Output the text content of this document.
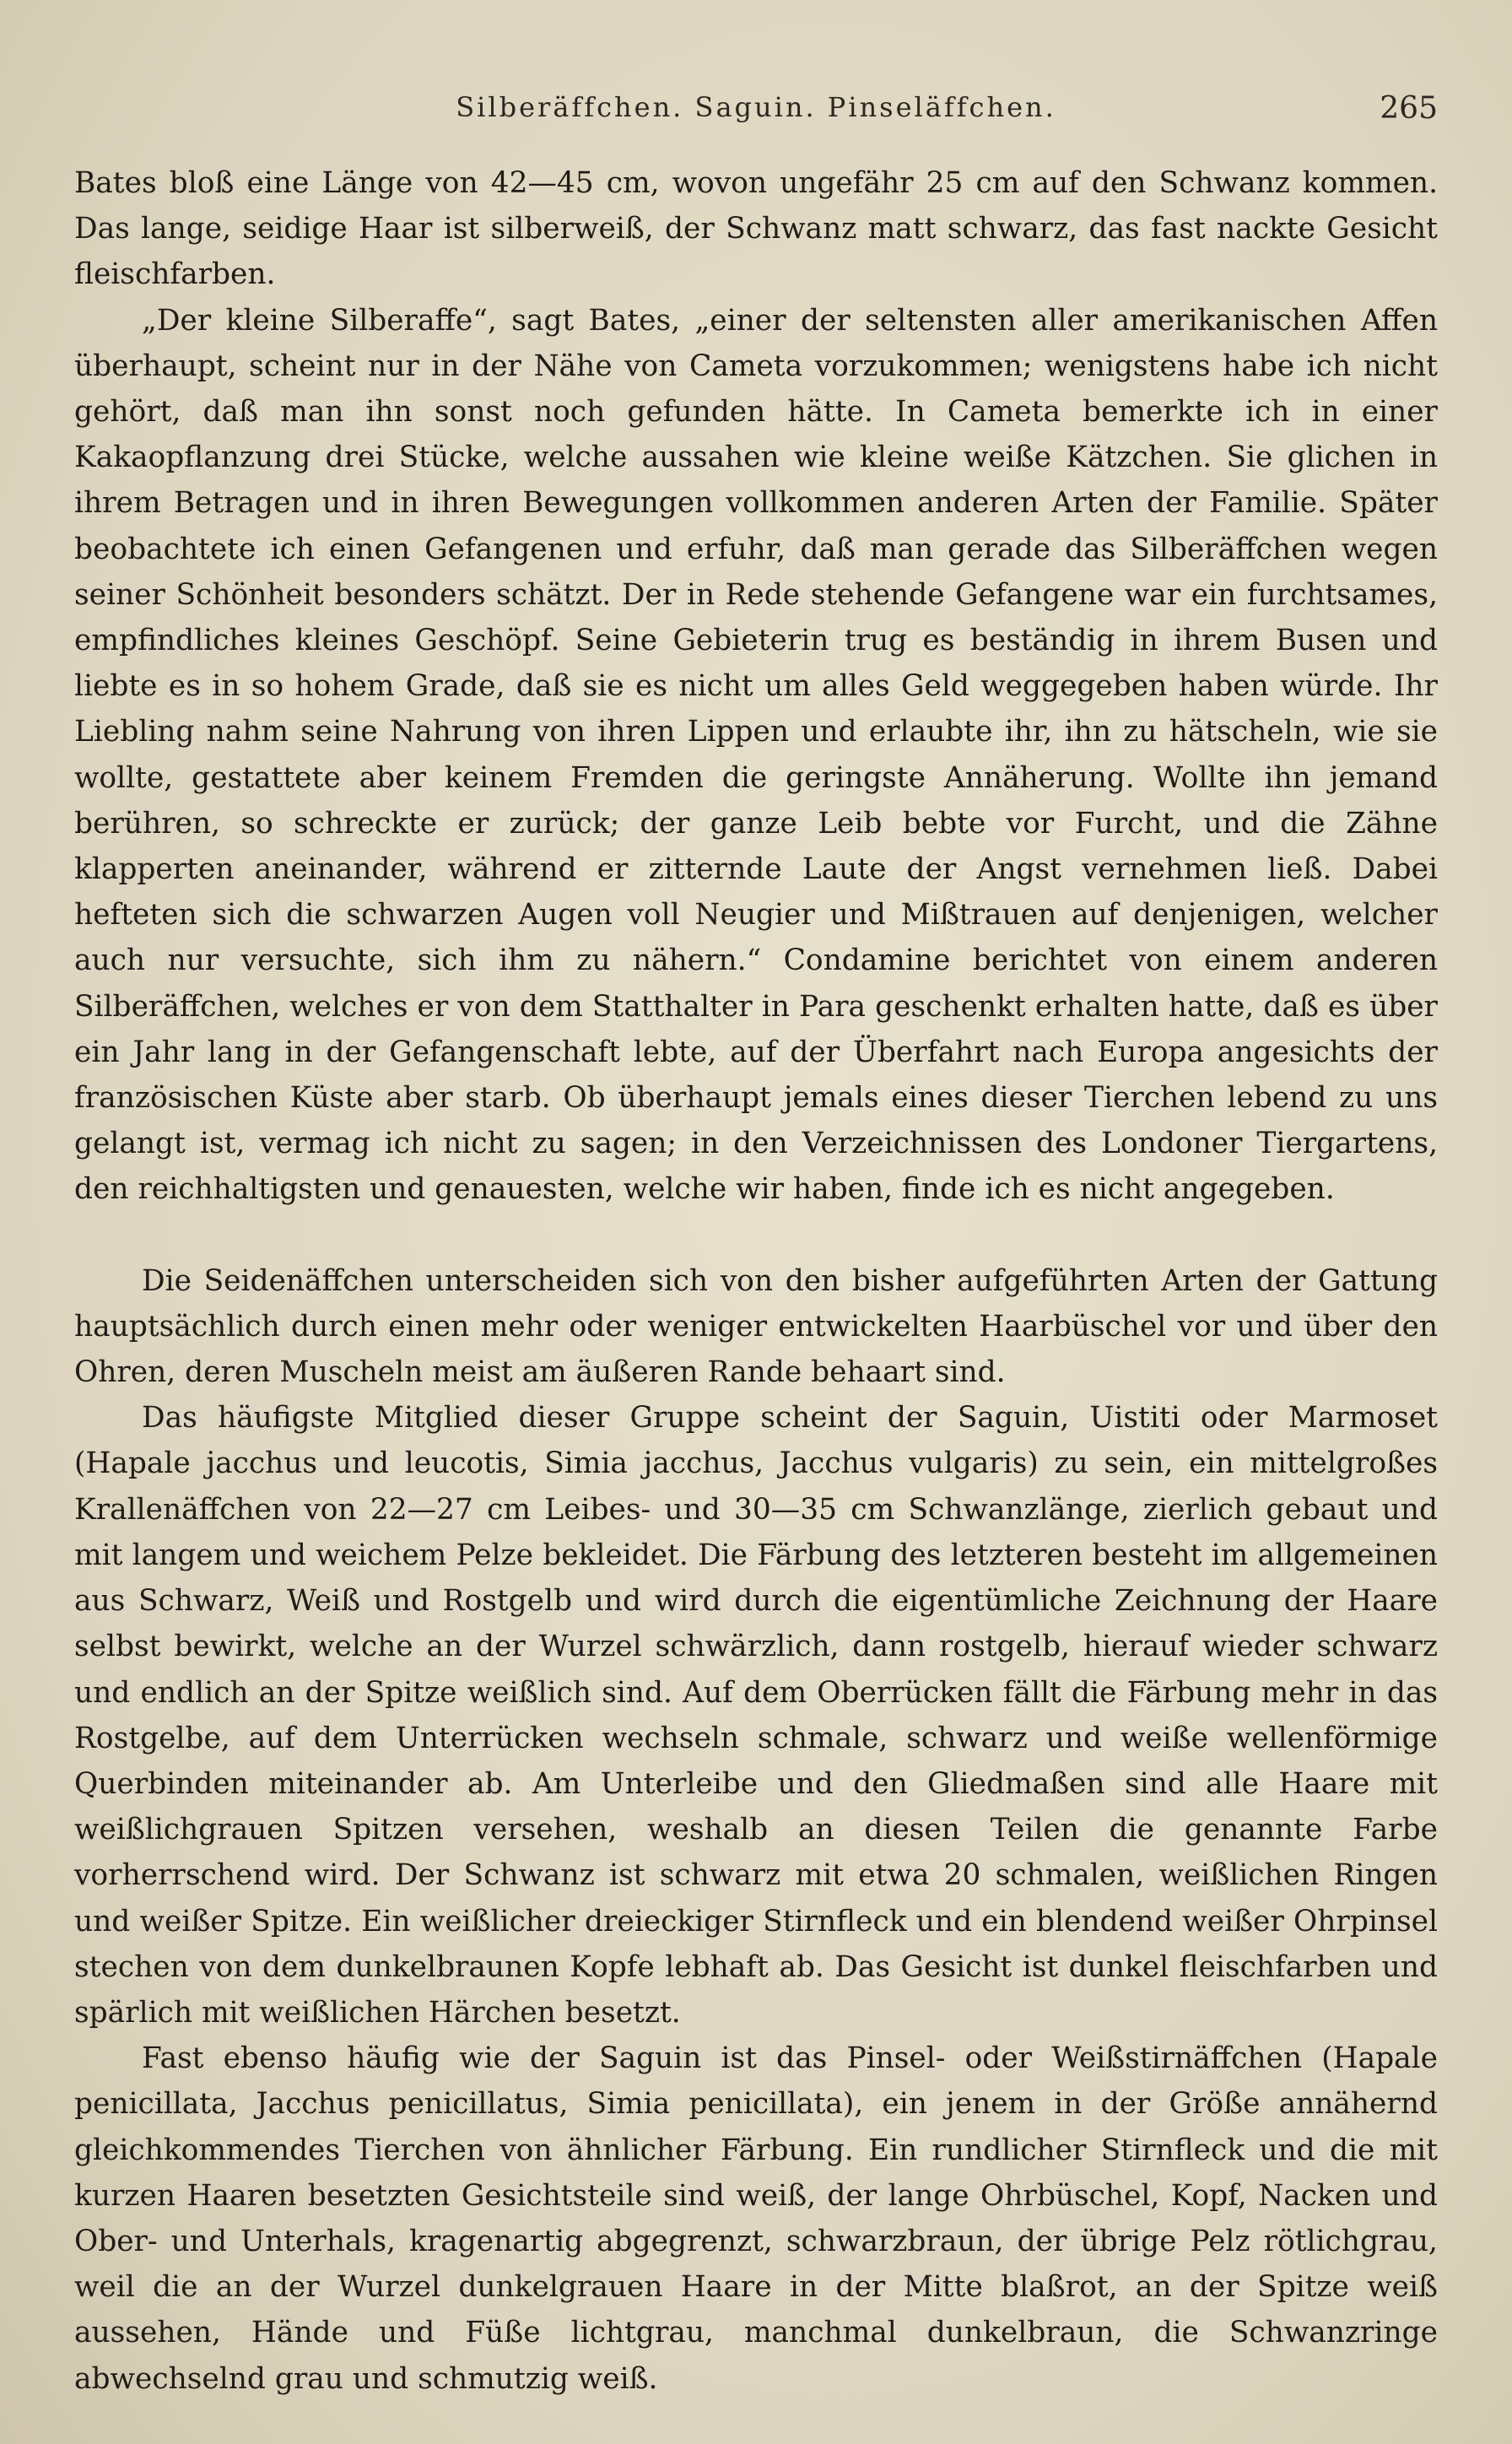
Silberäffchen. Saguin. Pinseläffchen.	265

Bates bloß eine Länge von 42—45 cm, wovon ungefähr 25 cm auf den Schwanz kommen. Das lange, seidige Haar ist silberweiß, der Schwanz matt schwarz, das fast nackte Gesicht fleischfarben.

„Der kleine Silberaffe“, sagt Bates, „einer der seltensten aller amerikanischen Affen überhaupt, scheint nur in der Nähe von Cameta vorzukommen; wenigstens habe ich nicht gehört, daß man ihn sonst noch gefunden hätte. In Cameta bemerkte ich in einer Kakaopflanzung drei Stücke, welche aussahen wie kleine weiße Kätzchen. Sie glichen in ihrem Betragen und in ihren Bewegungen vollkommen anderen Arten der Familie. Später beobachtete ich einen Gefangenen und erfuhr, daß man gerade das Silberäffchen wegen seiner Schönheit besonders schätzt. Der in Rede stehende Gefangene war ein furchtsames, empfindliches kleines Geschöpf. Seine Gebieterin trug es beständig in ihrem Busen und liebte es in so hohem Grade, daß sie es nicht um alles Geld weggegeben haben würde. Ihr Liebling nahm seine Nahrung von ihren Lippen und erlaubte ihr, ihn zu hätscheln, wie sie wollte, gestattete aber keinem Fremden die geringste Annäherung. Wollte ihn jemand berühren, so schreckte er zurück; der ganze Leib bebte vor Furcht, und die Zähne klapperten aneinander, während er zitternde Laute der Angst vernehmen ließ. Dabei hefteten sich die schwarzen Augen voll Neugier und Mißtrauen auf denjenigen, welcher auch nur versuchte, sich ihm zu nähern.“ Condamine berichtet von einem anderen Silberäffchen, welches er von dem Statthalter in Para geschenkt erhalten hatte, daß es über ein Jahr lang in der Gefangenschaft lebte, auf der Überfahrt nach Europa angesichts der französischen Küste aber starb. Ob überhaupt jemals eines dieser Tierchen lebend zu uns gelangt ist, vermag ich nicht zu sagen; in den Verzeichnissen des Londoner Tiergartens, den reichhaltigsten und genauesten, welche wir haben, finde ich es nicht angegeben.

Die Seidenäffchen unterscheiden sich von den bisher aufgeführten Arten der Gattung hauptsächlich durch einen mehr oder weniger entwickelten Haarbüschel vor und über den Ohren, deren Muscheln meist am äußeren Rande behaart sind.

Das häufigste Mitglied dieser Gruppe scheint der Saguin, Uistiti oder Marmoset (Hapale jacchus und leucotis, Simia jacchus, Jacchus vulgaris) zu sein, ein mittelgroßes Krallenäffchen von 22—27 cm Leibes- und 30—35 cm Schwanzlänge, zierlich gebaut und mit langem und weichem Pelze bekleidet. Die Färbung des letzteren besteht im allgemeinen aus Schwarz, Weiß und Rostgelb und wird durch die eigentümliche Zeichnung der Haare selbst bewirkt, welche an der Wurzel schwärzlich, dann rostgelb, hierauf wieder schwarz und endlich an der Spitze weißlich sind. Auf dem Oberrücken fällt die Färbung mehr in das Rostgelbe, auf dem Unterrücken wechseln schmale, schwarz und weiße wellenförmige Querbinden miteinander ab. Am Unterleibe und den Gliedmaßen sind alle Haare mit weißlichgrauen Spitzen versehen, weshalb an diesen Teilen die genannte Farbe vorherrschend wird. Der Schwanz ist schwarz mit etwa 20 schmalen, weißlichen Ringen und weißer Spitze. Ein weißlicher dreieckiger Stirnfleck und ein blendend weißer Ohrpinsel stechen von dem dunkelbraunen Kopfe lebhaft ab. Das Gesicht ist dunkel fleischfarben und spärlich mit weißlichen Härchen besetzt.

Fast ebenso häufig wie der Saguin ist das Pinsel- oder Weißstirnäffchen (Hapale penicillata, Jacchus penicillatus, Simia penicillata), ein jenem in der Größe annähernd gleichkommendes Tierchen von ähnlicher Färbung. Ein rundlicher Stirnfleck und die mit kurzen Haaren besetzten Gesichtsteile sind weiß, der lange Ohrbüschel, Kopf, Nacken und Ober- und Unterhals, kragenartig abgegrenzt, schwarzbraun, der übrige Pelz rötlichgrau, weil die an der Wurzel dunkelgrauen Haare in der Mitte blaßrot, an der Spitze weiß aussehen, Hände und Füße lichtgrau, manchmal dunkelbraun, die Schwanzringe abwechselnd grau und schmutzig weiß.
